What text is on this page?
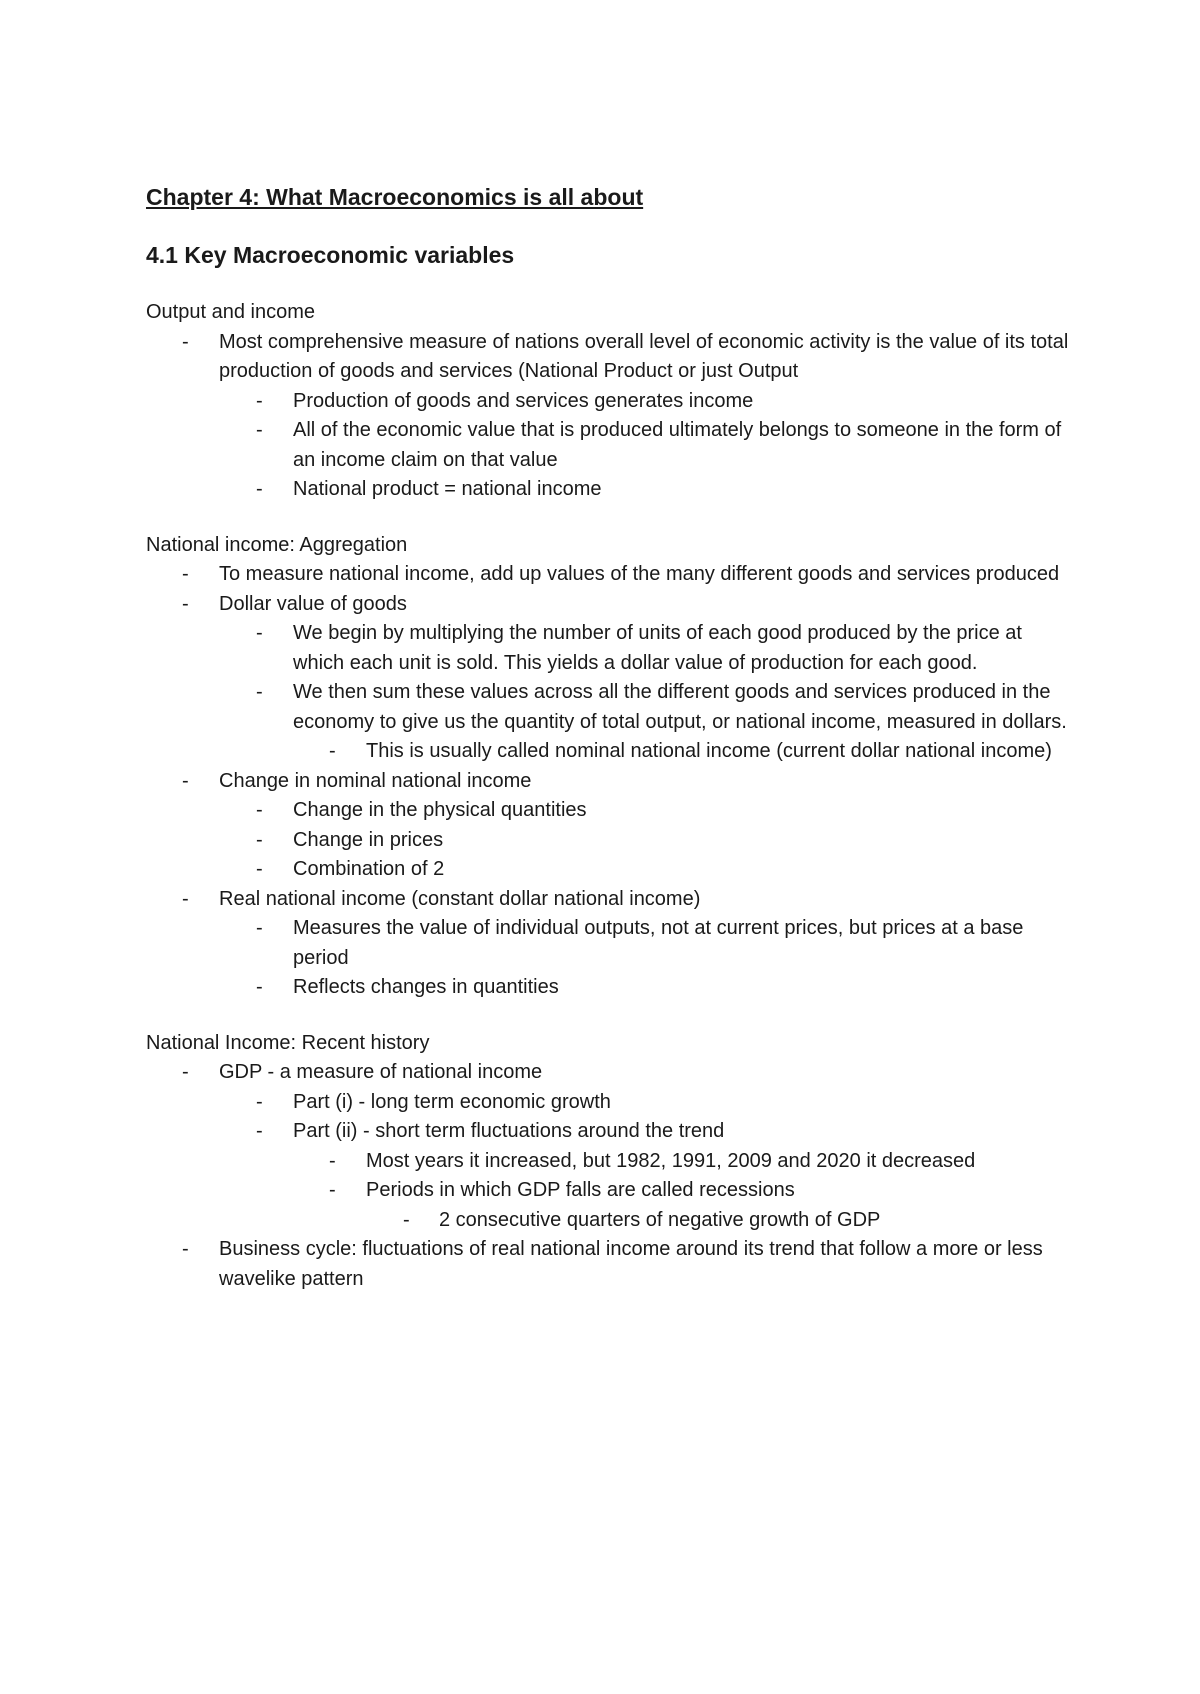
Chapter 4: What Macroeconomics is all about
4.1 Key Macroeconomic variables

Output and income

-	Most comprehensive measure of nations overall level of economic activity is the value of its total production of goods and services (National Product or just Output
-	Production of goods and services generates income
-	All of the economic value that is produced ultimately belongs to someone in the form of an income claim on that value
-	National product = national income

National income: Aggregation

-	To measure national income, add up values of the many different goods and services produced
-	Dollar value of goods
-	We begin by multiplying the number of units of each good produced by the price at which each unit is sold. This yields a dollar value of production for each good.
-	We then sum these values across all the different goods and services produced in the economy to give us the quantity of total output, or national income, measured in dollars.
-	This is usually called nominal national income (current dollar national income)
-	Change in nominal national income
-	Change in the physical quantities
-	Change in prices
-	Combination of 2
-	Real national income (constant dollar national income)
-	Measures the value of individual outputs, not at current prices, but prices at a base period
-	Reflects changes in quantities

National Income: Recent history

-	GDP - a measure of national income
-	Part (i) - long term economic growth
-	Part (ii) - short term fluctuations around the trend
-	Most years it increased, but 1982, 1991, 2009 and 2020 it decreased
-	Periods in which GDP falls are called recessions
-	2 consecutive quarters of negative growth of GDP
-	Business cycle: fluctuations of real national income around its trend that follow a more or less wavelike pattern
